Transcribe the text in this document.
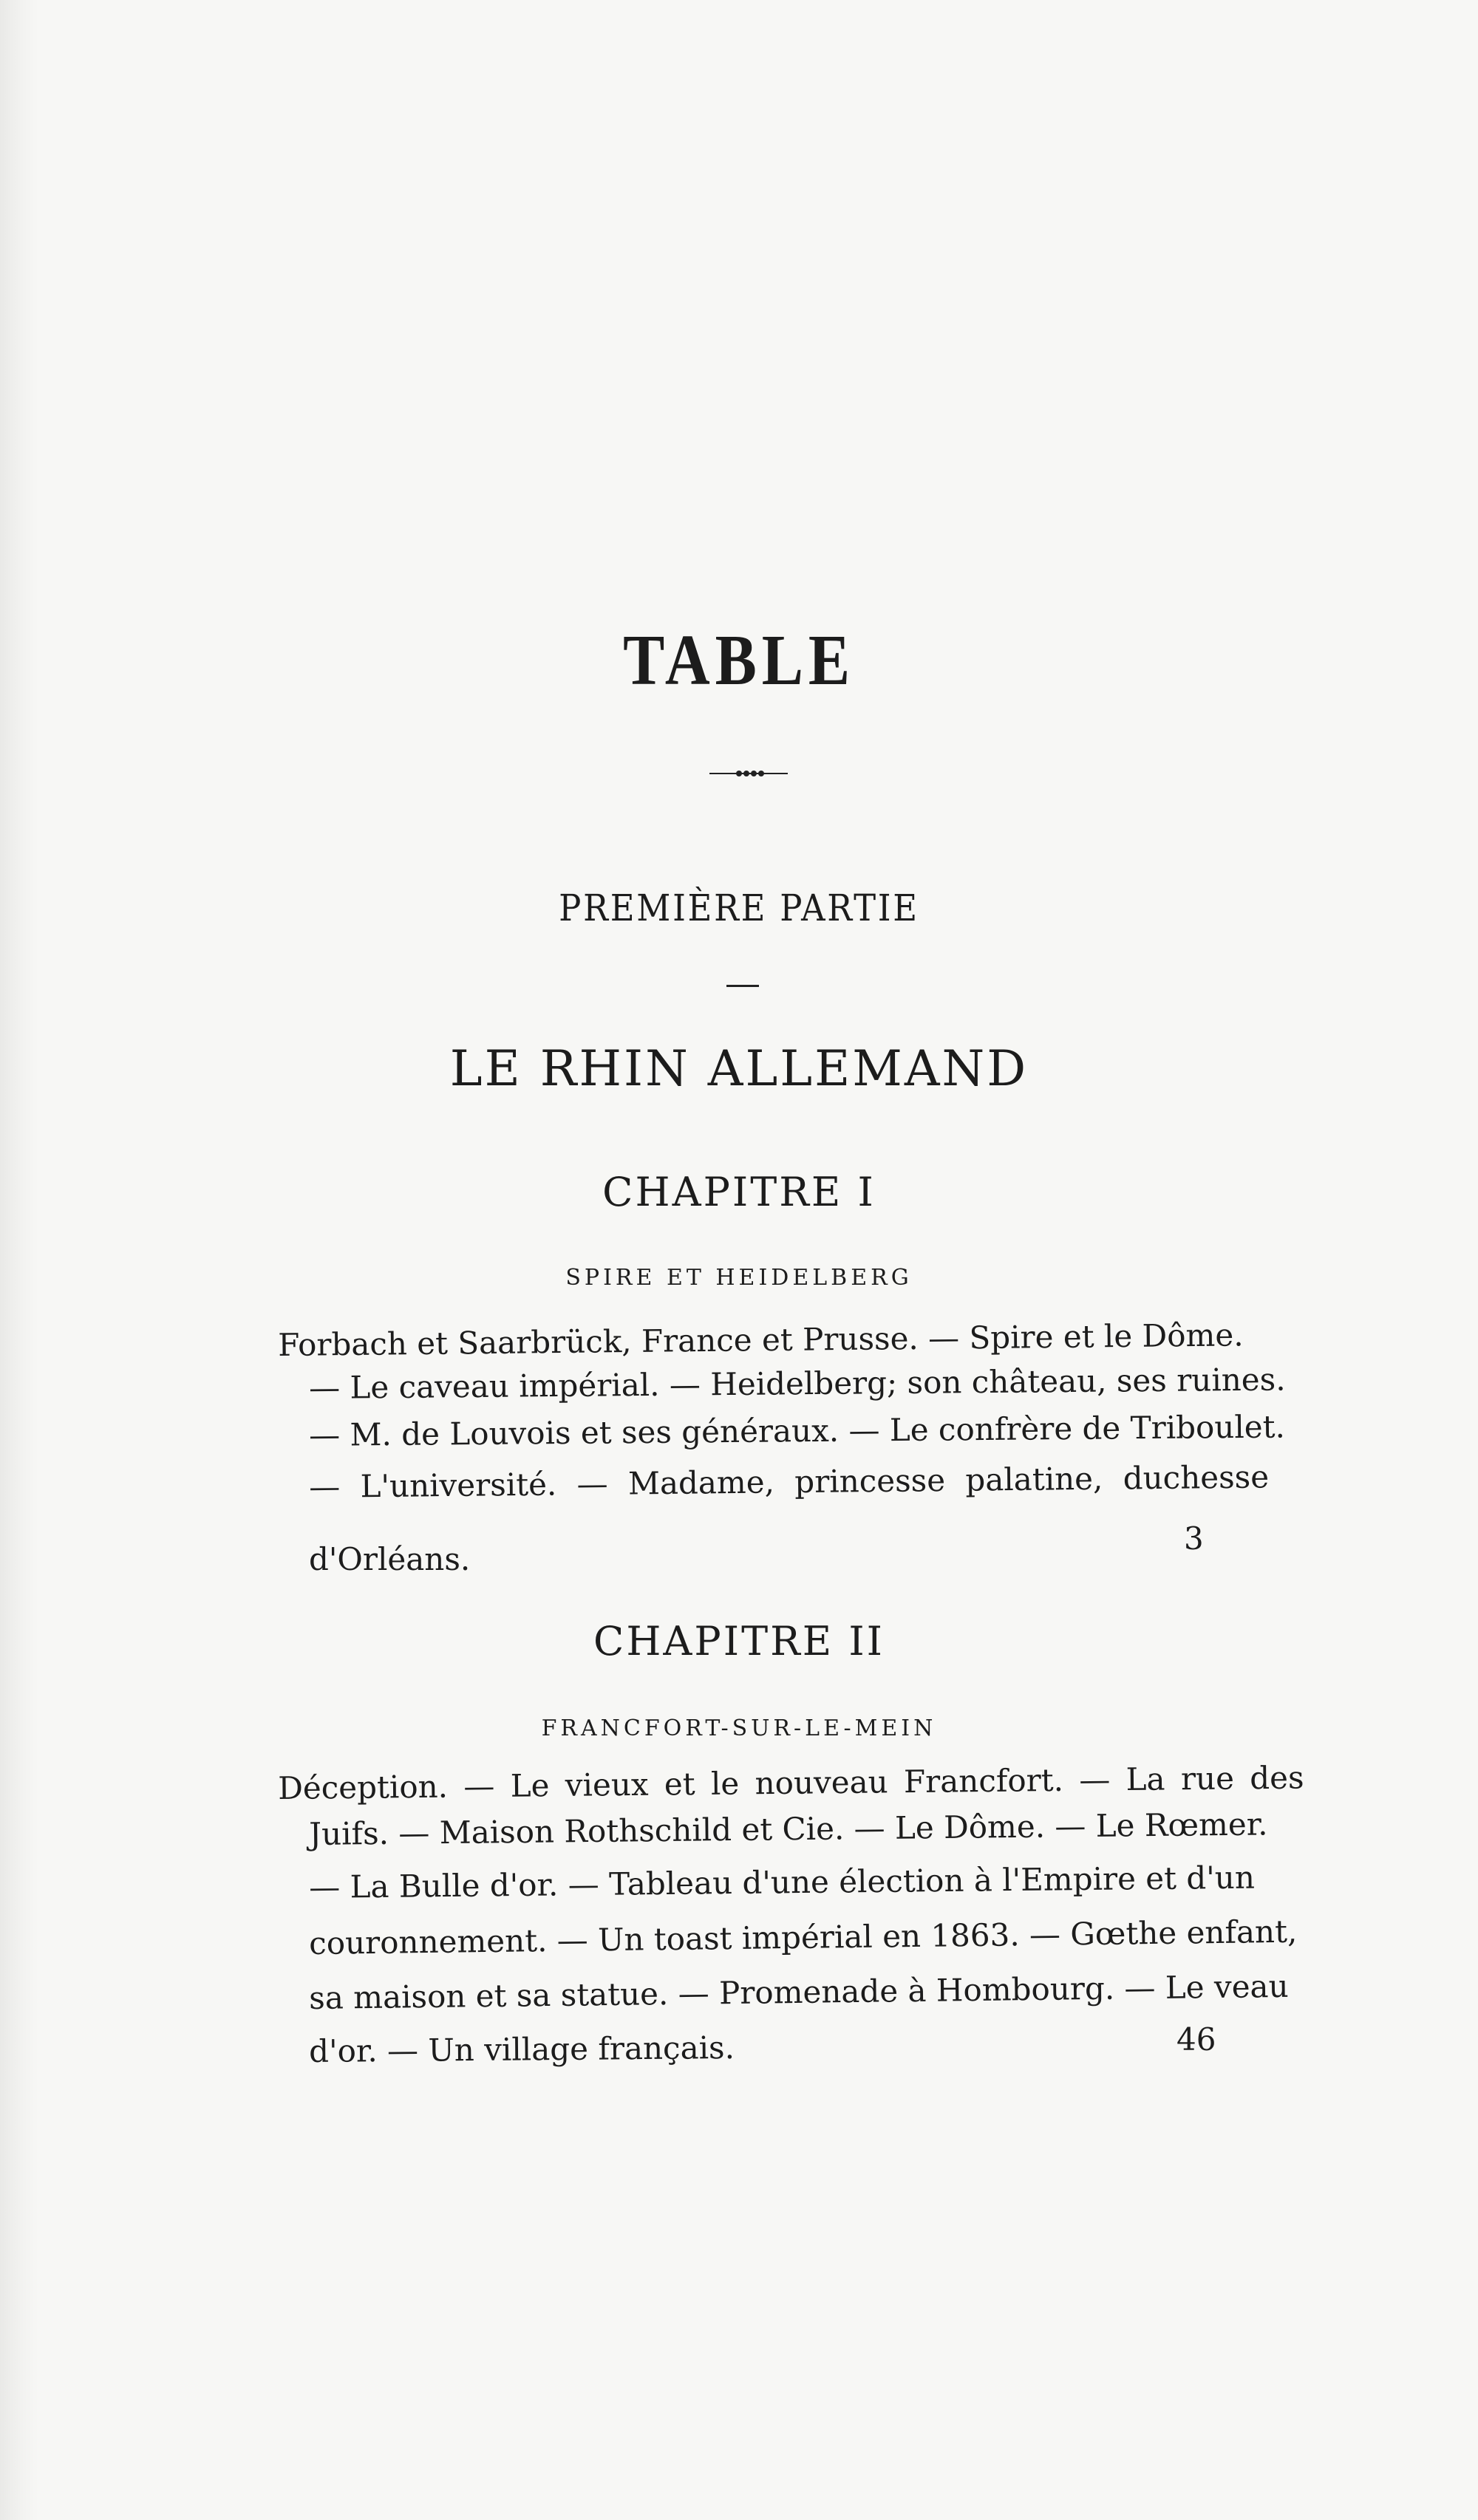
TABLE
PREMIÈRE PARTIE
LE RHIN ALLEMAND
CHAPITRE I
SPIRE ET HEIDELBERG
Forbach et Saarbrück, France et Prusse. — Spire et le Dôme.
— Le caveau impérial. — Heidelberg; son château, ses ruines.
— M. de Louvois et ses généraux. — Le confrère de Triboulet.
— L'université. — Madame, princesse palatine, duchesse
d'Orléans.
3
CHAPITRE II
FRANCFORT-SUR-LE-MEIN
Déception. — Le vieux et le nouveau Francfort. — La rue des
Juifs. — Maison Rothschild et Cie. — Le Dôme. — Le Rœmer.
— La Bulle d'or. — Tableau d'une élection à l'Empire et d'un
couronnement. — Un toast impérial en 1863. — Gœthe enfant,
sa maison et sa statue. — Promenade à Hombourg. — Le veau
d'or. — Un village français.	46
